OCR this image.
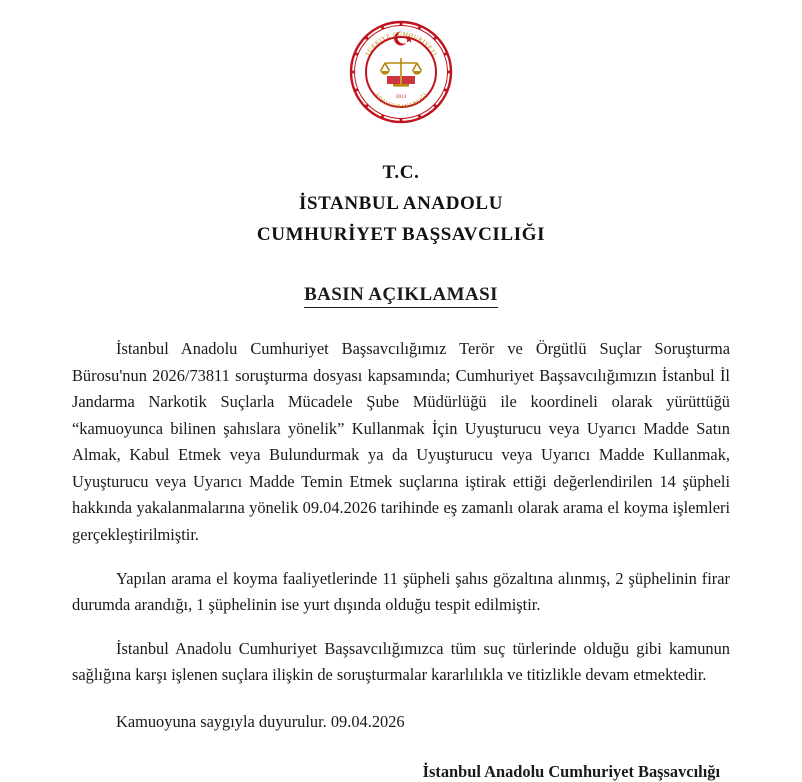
TÜRKİYE CUMHURİYETİ
ADALET BAKANLIĞI
2013
T.C.
İSTANBUL ANADOLU
CUMHURİYET BAŞSAVCILIĞI
BASIN AÇIKLAMASI

İstanbul Anadolu Cumhuriyet Başsavcılığımız Terör ve Örgütlü Suçlar Soruşturma Bürosu'nun 2026/73811 soruşturma dosyası kapsamında; Cumhuriyet Başsavcılığımızın İstanbul İl Jandarma Narkotik Suçlarla Mücadele Şube Müdürlüğü ile koordineli olarak yürüttüğü “kamuoyunca bilinen şahıslara yönelik” Kullanmak İçin Uyuşturucu veya Uyarıcı Madde Satın Almak, Kabul Etmek veya Bulundurmak ya da Uyuşturucu veya Uyarıcı Madde Kullanmak, Uyuşturucu veya Uyarıcı Madde Temin Etmek suçlarına iştirak ettiği değerlendirilen 14 şüpheli hakkında yakalanmalarına yönelik 09.04.2026 tarihinde eş zamanlı olarak arama el koyma işlemleri gerçekleştirilmiştir.

Yapılan arama el koyma faaliyetlerinde 11 şüpheli şahıs gözaltına alınmış, 2 şüphelinin firar durumda arandığı, 1 şüphelinin ise yurt dışında olduğu tespit edilmiştir.

İstanbul Anadolu Cumhuriyet Başsavcılığımızca tüm suç türlerinde olduğu gibi kamunun sağlığına karşı işlenen suçlara ilişkin de soruşturmalar kararlılıkla ve titizlikle devam etmektedir.

Kamuoyuna saygıyla duyurulur. 09.04.2026
İstanbul Anadolu Cumhuriyet Başsavcılığı
